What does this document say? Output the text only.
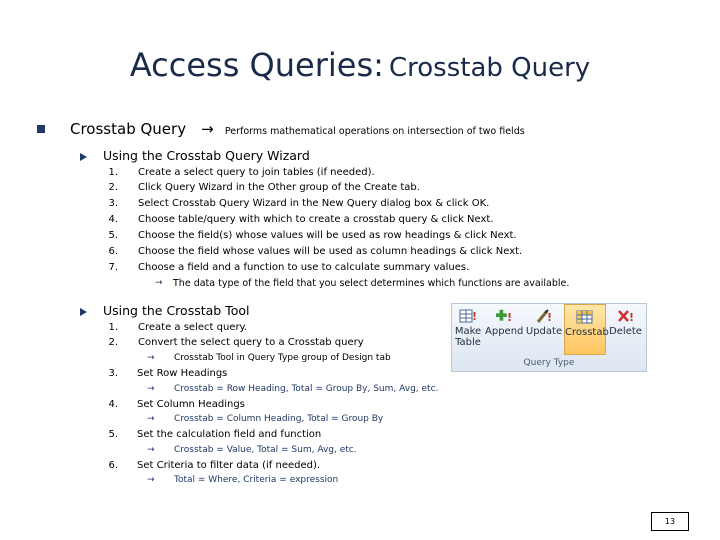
Access Queries: Crosstab Query
Crosstab Query → Performs mathematical operations on intersection of two fields
Using the Crosstab Query Wizard
1. Create a select query to join tables (if needed).
2. Click Query Wizard in the Other group of the Create tab.
3. Select Crosstab Query Wizard in the New Query dialog box & click OK.
4. Choose table/query with which to create a crosstab query & click Next.
5. Choose the field(s) whose values will be used as row headings & click Next.
6. Choose the field whose values will be used as column headings & click Next.
7. Choose a field and a function to use to calculate summary values.
→ The data type of the field that you select determines which functions are available.
Using the Crosstab Tool
1. Create a select query.
2. Convert the select query to a Crosstab query
→ Crosstab Tool in Query Type group of Design tab
3. Set Row Headings
→ Crosstab = Row Heading, Total = Group By, Sum, Avg, etc.
4. Set Column Headings
→ Crosstab = Column Heading, Total = Group By
5. Set the calculation field and function
→ Crosstab = Value, Total = Sum, Avg, etc.
6. Set Criteria to filter data (if needed).
→ Total = Where, Criteria = expression
!
Make
Table
!
Append
!
Update Crosstab
!
Delete
Query Type
13
